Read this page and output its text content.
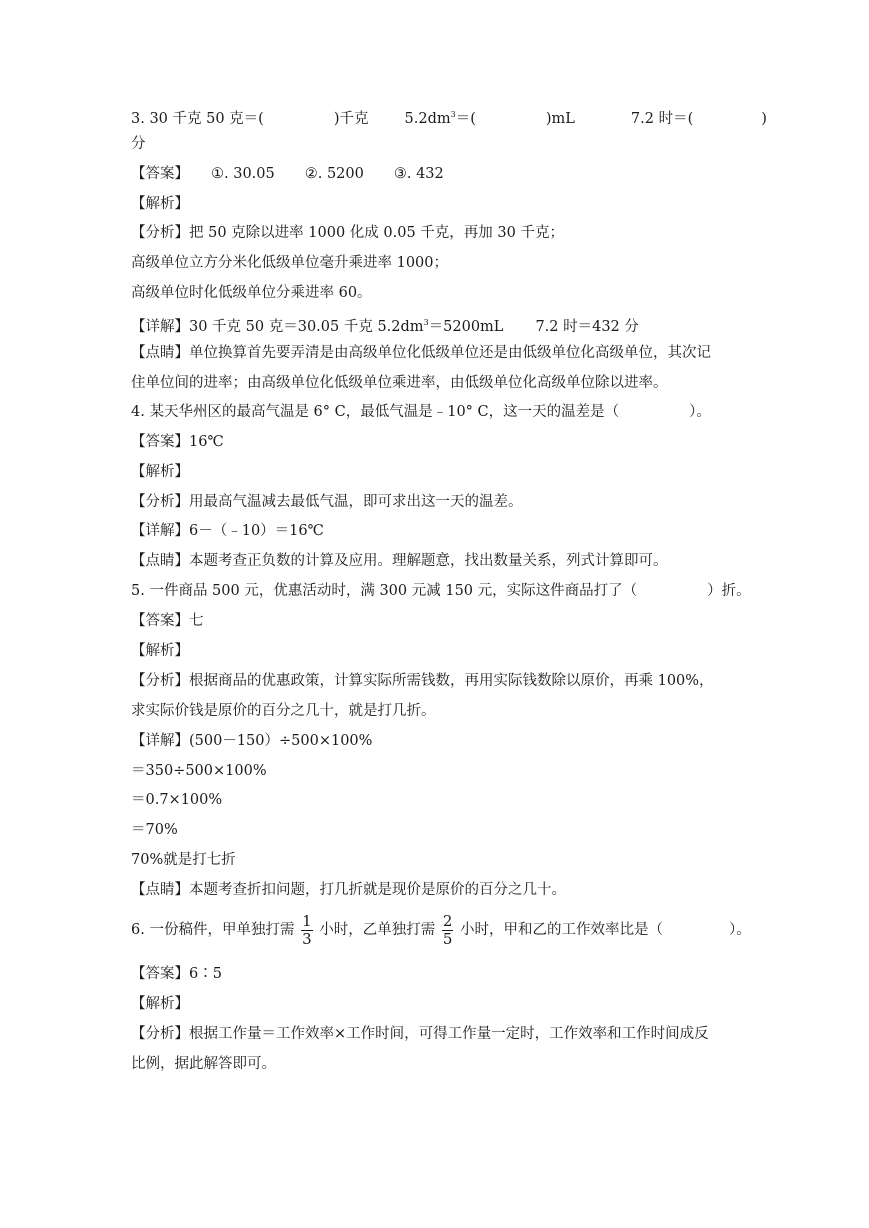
3. 30 千克 50 克＝(	)千克 $5.2dm^3=$(	)mL	7.2 时＝(	)
分
【答案】 ①. 30.05 ②. 5200 ③. 432
【解析】
【分析】把 50 克除以进率 1000 化成 0.05 千克，再加 30 千克；
高级单位立方分米化低级单位毫升乘进率 1000；
高级单位时化低级单位分乘进率 60。
【详解】30 千克 50 克＝30.05 千克 $5.2dm^3=5200mL$ 7.2 时＝432 分
【点睛】单位换算首先要弄清是由高级单位化低级单位还是由低级单位化高级单位，其次记
住单位间的进率；由高级单位化低级单位乘进率，由低级单位化高级单位除以进率。
4. 某天华州区的最高气温是 6° C，最低气温是﹣10° C，这一天的温差是（	）。
【答案】16℃
【解析】
【分析】用最高气温减去最低气温，即可求出这一天的温差。
【详解】6－（﹣10）＝16℃
【点睛】本题考查正负数的计算及应用。理解题意，找出数量关系，列式计算即可。
5. 一件商品 500 元，优惠活动时，满 300 元减 150 元，实际这件商品打了（	）折。
【答案】七
【解析】
【分析】根据商品的优惠政策，计算实际所需钱数，再用实际钱数除以原价，再乘 100%，
求实际价钱是原价的百分之几十，就是打几折。
【详解】(500－150）÷500×100%
＝350÷500×100%
＝0.7×100%
＝70%
70%就是打七折
【点睛】本题考查折扣问题，打几折就是现价是原价的百分之几十。
6. 一份稿件，甲单独打需 $\frac{1}{3}$ 小时，乙单独打需 $\frac{2}{5}$ 小时，甲和乙的工作效率比是（	）。
【答案】6∶5
【解析】
【分析】根据工作量＝工作效率×工作时间，可得工作量一定时，工作效率和工作时间成反
比例，据此解答即可。
